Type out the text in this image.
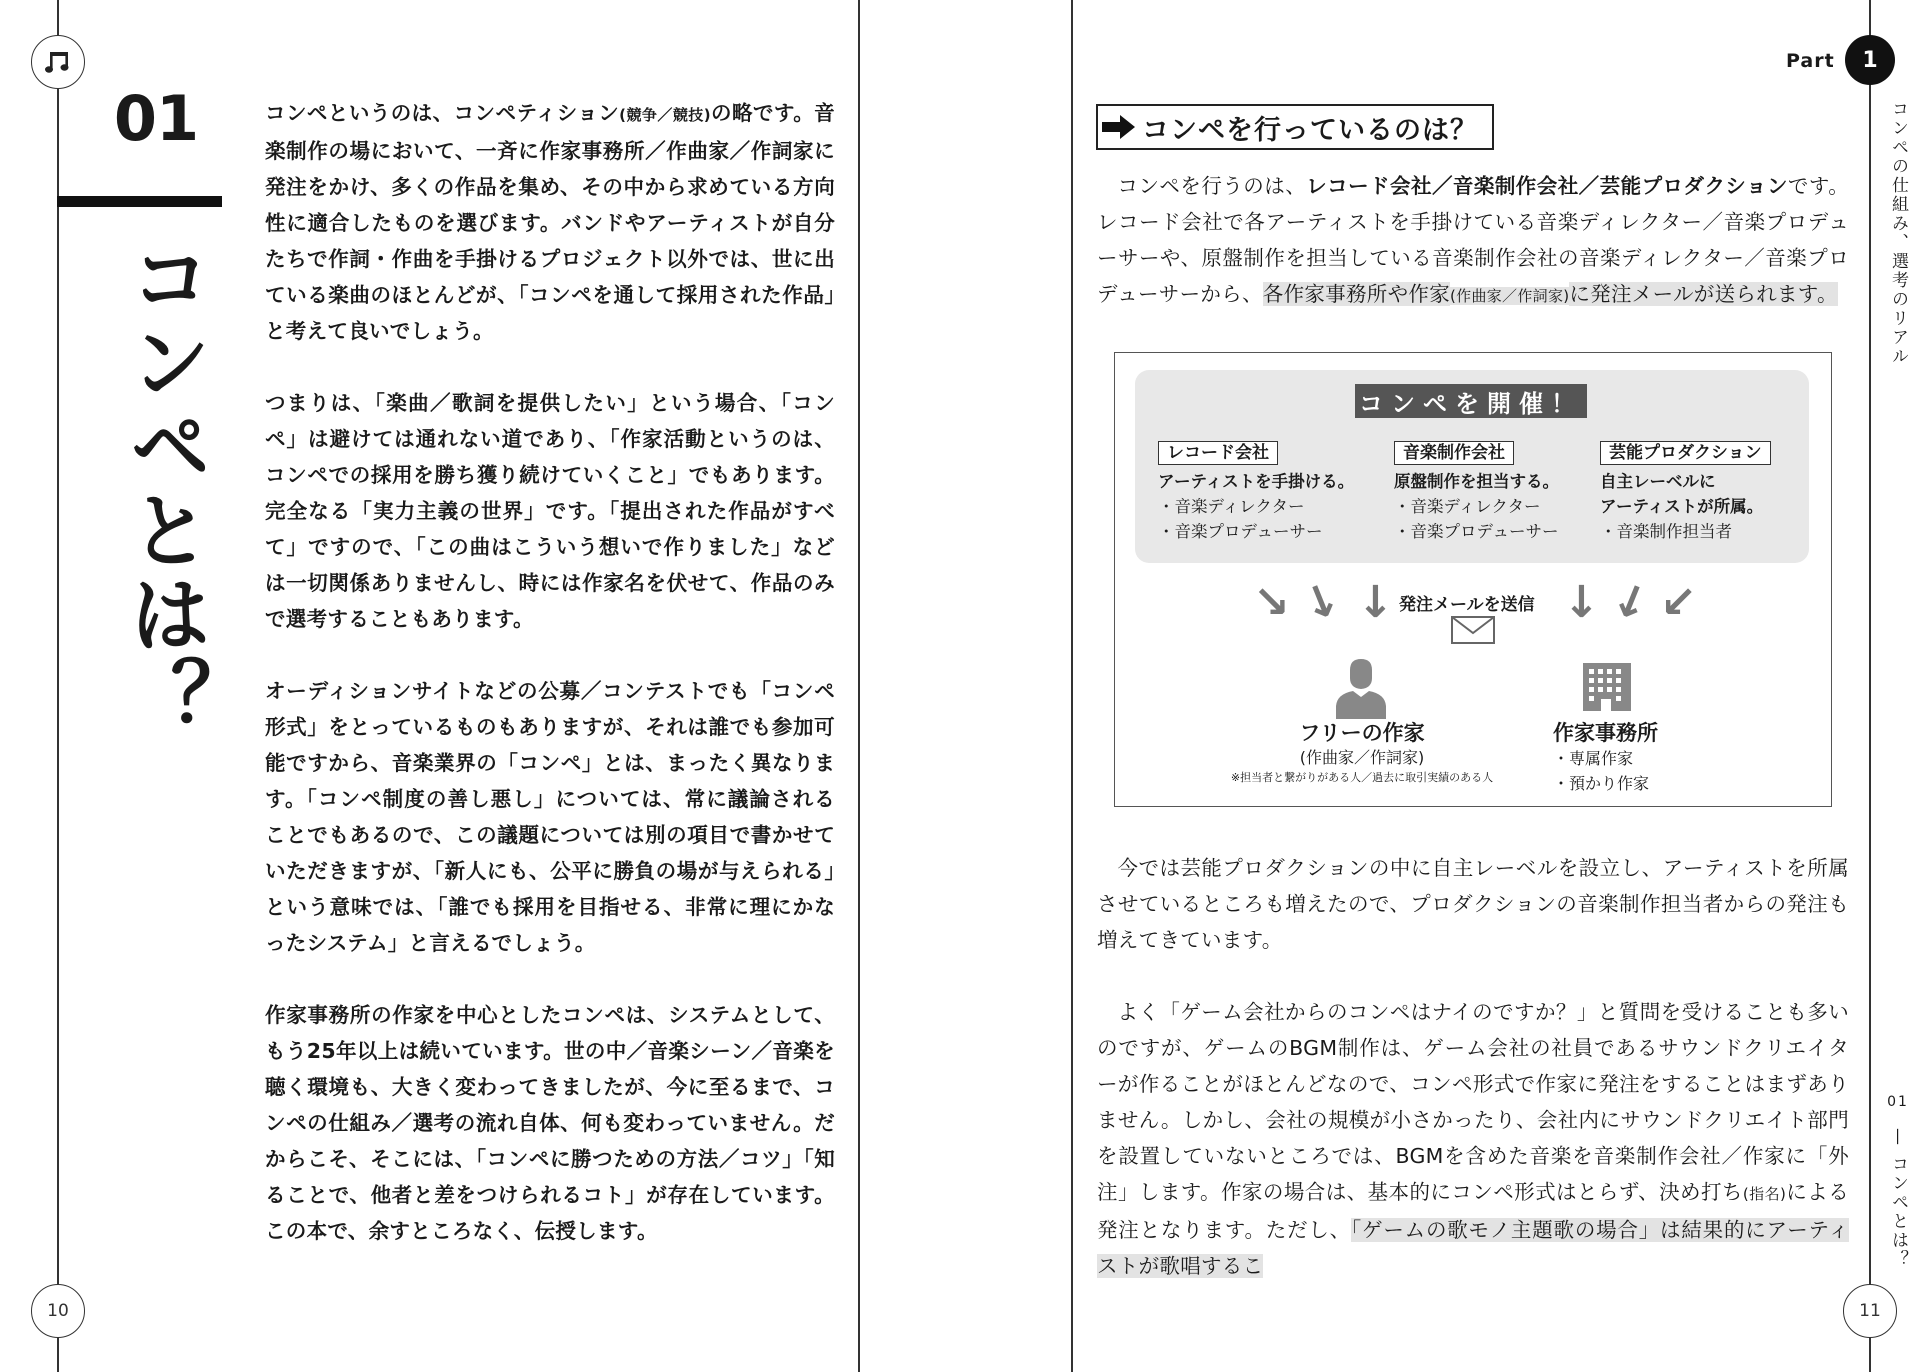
01
コンペとは？

コンペというのは、コンペティション(競争／競技)の略です。音楽制作の場において、一斉に作家事務所／作曲家／作詞家に発注をかけ、多くの作品を集め、その中から求めている方向性に適合したものを選びます。バンドやアーティストが自分たちで作詞・作曲を手掛けるプロジェクト以外では、世に出ている楽曲のほとんどが、「コンペを通して採用された作品」と考えて良いでしょう。

つまりは、「楽曲／歌詞を提供したい」という場合、「コンペ」は避けては通れない道であり、「作家活動というのは、コンペでの採用を勝ち獲り続けていくこと」でもあります。完全なる「実力主義の世界」です。「提出された作品がすべて」ですので、「この曲はこういう想いで作りました」などは一切関係ありませんし、時には作家名を伏せて、作品のみで選考することもあります。

オーディションサイトなどの公募／コンテストでも「コンペ形式」をとっているものもありますが、それは誰でも参加可能ですから、音楽業界の「コンペ」とは、まったく異なります。「コンペ制度の善し悪し」については、常に議論されることでもあるので、この議題については別の項目で書かせていただきますが、「新人にも、公平に勝負の場が与えられる」という意味では、「誰でも採用を目指せる、非常に理にかなったシステム」と言えるでしょう。

作家事務所の作家を中心としたコンペは、システムとして、もう25年以上は続いています。世の中／音楽シーン／音楽を聴く環境も、大きく変わってきましたが、今に至るまで、コンペの仕組み／選考の流れ自体、何も変わっていません。だからこそ、そこには、「コンペに勝つための方法／コツ」「知ることで、他者と差をつけられるコト」が存在しています。この本で、余すところなく、伝授します。

10
Part 1
コンペの仕組み、選考のリアル
01—コンペとは？
コンペを行っているのは？

コンペを行うのは、レコード会社／音楽制作会社／芸能プロダクションです。レコード会社で各アーティストを手掛けている音楽ディレクター／音楽プロデューサーや、原盤制作を担当している音楽制作会社の音楽ディレクター／音楽プロデューサーから、各作家事務所や作家(作曲家／作詞家)に発注メールが送られます。

コンペを開催！
レコード会社
アーティストを手掛ける。
・音楽ディレクター
・音楽プロデューサー
音楽制作会社
原盤制作を担当する。
・音楽ディレクター
・音楽プロデューサー
芸能プロダクション
自主レーベルに
アーティストが所属。
・音楽制作担当者
↘ ↓ ↓	↓ ↓ ↙
発注メールを送信
フリーの作家
(作曲家／作詞家)
※担当者と繋がりがある人／過去に取引実績のある人
作家事務所
・専属作家
・預かり作家

今では芸能プロダクションの中に自主レーベルを設立し、アーティストを所属させているところも増えたので、プロダクションの音楽制作担当者からの発注も増えてきています。

よく「ゲーム会社からのコンペはナイのですか？」と質問を受けることも多いのですが、ゲームのBGM制作は、ゲーム会社の社員であるサウンドクリエイターが作ることがほとんどなので、コンペ形式で作家に発注をすることはまずありません。しかし、会社の規模が小さかったり、会社内にサウンドクリエイト部門を設置していないところでは、BGMを含めた音楽を音楽制作会社／作家に「外注」します。作家の場合は、基本的にコンペ形式はとらず、決め打ち(指名)による発注となります。ただし、「ゲームの歌モノ主題歌の場合」は結果的にアーティストが歌唱するこ

11
